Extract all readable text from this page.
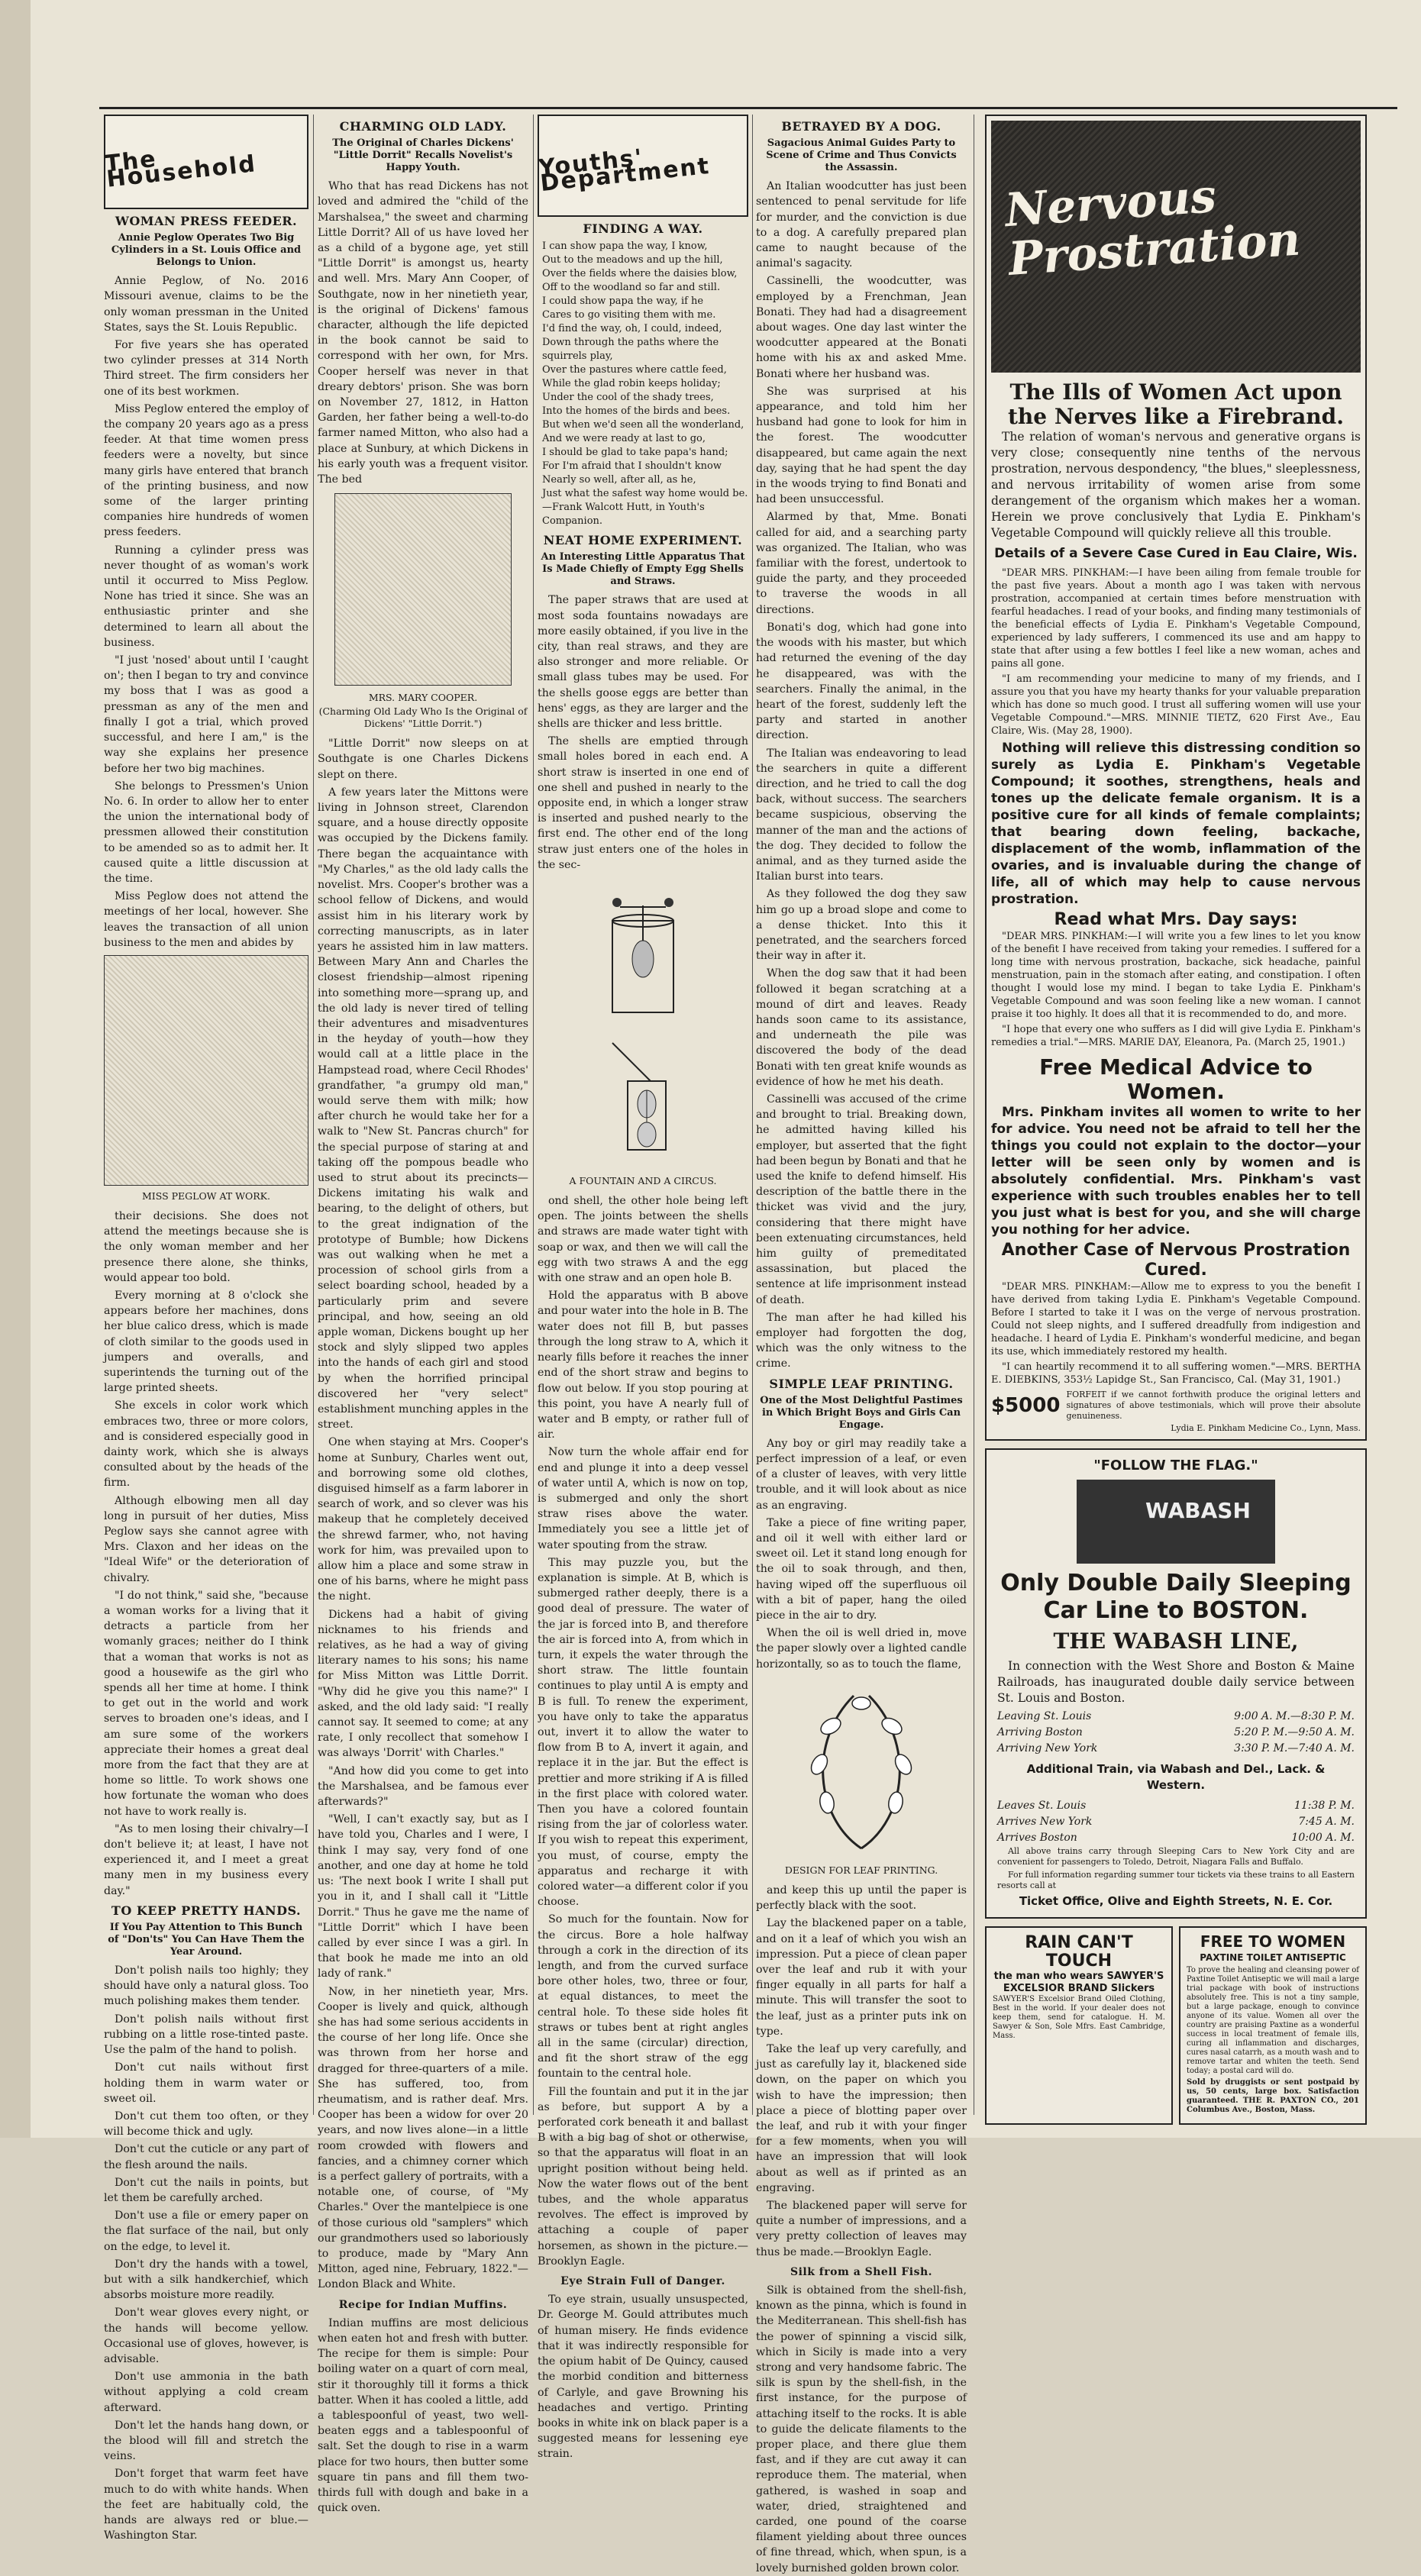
The Household
WOMAN PRESS FEEDER.
Annie Peglow Operates Two Big Cylinders in a St. Louis Office and Belongs to Union.

Annie Peglow, of No. 2016 Missouri avenue, claims to be the only woman pressman in the United States, says the St. Louis Republic.

For five years she has operated two cylinder presses at 314 North Third street. The firm considers her one of its best workmen.

Miss Peglow entered the employ of the company 20 years ago as a press feeder. At that time women press feeders were a novelty, but since many girls have entered that branch of the printing business, and now some of the larger printing companies hire hundreds of women press feeders.

Running a cylinder press was never thought of as woman's work until it occurred to Miss Peglow. None has tried it since. She was an enthusiastic printer and she determined to learn all about the business.

"I just 'nosed' about until I 'caught on'; then I began to try and convince my boss that I was as good a pressman as any of the men and finally I got a trial, which proved successful, and here I am," is the way she explains her presence before her two big machines.

She belongs to Pressmen's Union No. 6. In order to allow her to enter the union the international body of pressmen allowed their constitution to be amended so as to admit her. It caused quite a little discussion at the time.

Miss Peglow does not attend the meetings of her local, however. She leaves the transaction of all union business to the men and abides by

MISS PEGLOW AT WORK.

their decisions. She does not attend the meetings because she is the only woman member and her presence there alone, she thinks, would appear too bold.

Every morning at 8 o'clock she appears before her machines, dons her blue calico dress, which is made of cloth similar to the goods used in jumpers and overalls, and superintends the turning out of the large printed sheets.

She excels in color work which embraces two, three or more colors, and is considered especially good in dainty work, which she is always consulted about by the heads of the firm.

Although elbowing men all day long in pursuit of her duties, Miss Peglow says she cannot agree with Mrs. Claxon and her ideas on the "Ideal Wife" or the deterioration of chivalry.

"I do not think," said she, "because a woman works for a living that it detracts a particle from her womanly graces; neither do I think that a woman that works is not as good a housewife as the girl who spends all her time at home. I think to get out in the world and work serves to broaden one's ideas, and I am sure some of the workers appreciate their homes a great deal more from the fact that they are at home so little. To work shows one how fortunate the woman who does not have to work really is.

"As to men losing their chivalry—I don't believe it; at least, I have not experienced it, and I meet a great many men in my business every day."

TO KEEP PRETTY HANDS.
If You Pay Attention to This Bunch of "Don'ts" You Can Have Them the Year Around.

Don't polish nails too highly; they should have only a natural gloss. Too much polishing makes them tender.

Don't polish nails without first rubbing on a little rose-tinted paste. Use the palm of the hand to polish.

Don't cut nails without first holding them in warm water or sweet oil.

Don't cut them too often, or they will become thick and ugly.

Don't cut the cuticle or any part of the flesh around the nails.

Don't cut the nails in points, but let them be carefully arched.

Don't use a file or emery paper on the flat surface of the nail, but only on the edge, to level it.

Don't dry the hands with a towel, but with a silk handkerchief, which absorbs moisture more readily.

Don't wear gloves every night, or the hands will become yellow. Occasional use of gloves, however, is advisable.

Don't use ammonia in the bath without applying a cold cream afterward.

Don't let the hands hang down, or the blood will fill and stretch the veins.

Don't forget that warm feet have much to do with white hands. When the feet are habitually cold, the hands are always red or blue.—Washington Star.

CHARMING OLD LADY.
The Original of Charles Dickens' "Little Dorrit" Recalls Novelist's Happy Youth.

Who that has read Dickens has not loved and admired the "child of the Marshalsea," the sweet and charming Little Dorrit? All of us have loved her as a child of a bygone age, yet still "Little Dorrit" is amongst us, hearty and well. Mrs. Mary Ann Cooper, of Southgate, now in her ninetieth year, is the original of Dickens' famous character, although the life depicted in the book cannot be said to correspond with her own, for Mrs. Cooper herself was never in that dreary debtors' prison. She was born on November 27, 1812, in Hatton Garden, her father being a well-to-do farmer named Mitton, who also had a place at Sunbury, at which Dickens in his early youth was a frequent visitor. The bed

MRS. MARY COOPER.
(Charming Old Lady Who Is the Original of Dickens' "Little Dorrit.")

"Little Dorrit" now sleeps on at Southgate is one Charles Dickens slept on there.

A few years later the Mittons were living in Johnson street, Clarendon square, and a house directly opposite was occupied by the Dickens family. There began the acquaintance with "My Charles," as the old lady calls the novelist. Mrs. Cooper's brother was a school fellow of Dickens, and would assist him in his literary work by correcting manuscripts, as in later years he assisted him in law matters. Between Mary Ann and Charles the closest friendship—almost ripening into something more—sprang up, and the old lady is never tired of telling their adventures and misadventures in the heyday of youth—how they would call at a little place in the Hampstead road, where Cecil Rhodes' grandfather, "a grumpy old man," would serve them with milk; how after church he would take her for a walk to "New St. Pancras church" for the special purpose of staring at and taking off the pompous beadle who used to strut about its precincts—Dickens imitating his walk and bearing, to the delight of others, but to the great indignation of the prototype of Bumble; how Dickens was out walking when he met a procession of school girls from a select boarding school, headed by a particularly prim and severe principal, and how, seeing an old apple woman, Dickens bought up her stock and slyly slipped two apples into the hands of each girl and stood by when the horrified principal discovered her "very select" establishment munching apples in the street.

One when staying at Mrs. Cooper's home at Sunbury, Charles went out, and borrowing some old clothes, disguised himself as a farm laborer in search of work, and so clever was his makeup that he completely deceived the shrewd farmer, who, not having work for him, was prevailed upon to allow him a place and some straw in one of his barns, where he might pass the night.

Dickens had a habit of giving nicknames to his friends and relatives, as he had a way of giving literary names to his sons; his name for Miss Mitton was Little Dorrit. "Why did he give you this name?" I asked, and the old lady said: "I really cannot say. It seemed to come; at any rate, I only recollect that somehow I was always 'Dorrit' with Charles."

"And how did you come to get into the Marshalsea, and be famous ever afterwards?"

"Well, I can't exactly say, but as I have told you, Charles and I were, I think I may say, very fond of one another, and one day at home he told us: 'The next book I write I shall put you in it, and I shall call it "Little Dorrit." Thus he gave me the name of "Little Dorrit" which I have been called by ever since I was a girl. In that book he made me into an old lady of rank."

Now, in her ninetieth year, Mrs. Cooper is lively and quick, although she has had some serious accidents in the course of her long life. Once she was thrown from her horse and dragged for three-quarters of a mile. She has suffered, too, from rheumatism, and is rather deaf. Mrs. Cooper has been a widow for over 20 years, and now lives alone—in a little room crowded with flowers and fancies, and a chimney corner which is a perfect gallery of portraits, with a notable one, of course, of "My Charles." Over the mantelpiece is one of those curious old "samplers" which our grandmothers used so laboriously to produce, made by "Mary Ann Mitton, aged nine, February, 1822."—London Black and White.

Recipe for Indian Muffins.

Indian muffins are most delicious when eaten hot and fresh with butter. The recipe for them is simple: Pour boiling water on a quart of corn meal, stir it thoroughly till it forms a thick batter. When it has cooled a little, add a tablespoonful of yeast, two well-beaten eggs and a tablespoonful of salt. Set the dough to rise in a warm place for two hours, then butter some square tin pans and fill them two-thirds full with dough and bake in a quick oven.

Youths' Department
FINDING A WAY.
I can show papa the way, I know,
Out to the meadows and up the hill,
Over the fields where the daisies blow,
Off to the woodland so far and still.
I could show papa the way, if he
Cares to go visiting them with me.
I'd find the way, oh, I could, indeed,
Down through the paths where the squirrels play,
Over the pastures where cattle feed,
While the glad robin keeps holiday;
Under the cool of the shady trees,
Into the homes of the birds and bees.
But when we'd seen all the wonderland,
And we were ready at last to go,
I should be glad to take papa's hand;
For I'm afraid that I shouldn't know
Nearly so well, after all, as he,
Just what the safest way home would be.
—Frank Walcott Hutt, in Youth's Companion.
NEAT HOME EXPERIMENT.
An Interesting Little Apparatus That Is Made Chiefly of Empty Egg Shells and Straws.

The paper straws that are used at most soda fountains nowadays are more easily obtained, if you live in the city, than real straws, and they are also stronger and more reliable. Or small glass tubes may be used. For the shells goose eggs are better than hens' eggs, as they are larger and the shells are thicker and less brittle.

The shells are emptied through small holes bored in each end. A short straw is inserted in one end of one shell and pushed in nearly to the opposite end, in which a longer straw is inserted and pushed nearly to the first end. The other end of the long straw just enters one of the holes in the sec-

A FOUNTAIN AND A CIRCUS.

ond shell, the other hole being left open. The joints between the shells and straws are made water tight with soap or wax, and then we will call the egg with two straws A and the egg with one straw and an open hole B.

Hold the apparatus with B above and pour water into the hole in B. The water does not fill B, but passes through the long straw to A, which it nearly fills before it reaches the inner end of the short straw and begins to flow out below. If you stop pouring at this point, you have A nearly full of water and B empty, or rather full of air.

Now turn the whole affair end for end and plunge it into a deep vessel of water until A, which is now on top, is submerged and only the short straw rises above the water. Immediately you see a little jet of water spouting from the straw.

This may puzzle you, but the explanation is simple. At B, which is submerged rather deeply, there is a good deal of pressure. The water of the jar is forced into B, and therefore the air is forced into A, from which in turn, it expels the water through the short straw. The little fountain continues to play until A is empty and B is full. To renew the experiment, you have only to take the apparatus out, invert it to allow the water to flow from B to A, invert it again, and replace it in the jar. But the effect is prettier and more striking if A is filled in the first place with colored water. Then you have a colored fountain rising from the jar of colorless water. If you wish to repeat this experiment, you must, of course, empty the apparatus and recharge it with colored water—a different color if you choose.

So much for the fountain. Now for the circus. Bore a hole halfway through a cork in the direction of its length, and from the curved surface bore other holes, two, three or four, at equal distances, to meet the central hole. To these side holes fit straws or tubes bent at right angles all in the same (circular) direction, and fit the short straw of the egg fountain to the central hole.

Fill the fountain and put it in the jar as before, but support A by a perforated cork beneath it and ballast B with a big bag of shot or otherwise, so that the apparatus will float in an upright position without being held. Now the water flows out of the bent tubes, and the whole apparatus revolves. The effect is improved by attaching a couple of paper horsemen, as shown in the picture.—Brooklyn Eagle.

Eye Strain Full of Danger.

To eye strain, usually unsuspected, Dr. George M. Gould attributes much of human misery. He finds evidence that it was indirectly responsible for the opium habit of De Quincy, caused the morbid condition and bitterness of Carlyle, and gave Browning his headaches and vertigo. Printing books in white ink on black paper is a suggested means for lessening eye strain.

BETRAYED BY A DOG.
Sagacious Animal Guides Party to Scene of Crime and Thus Convicts the Assassin.

An Italian woodcutter has just been sentenced to penal servitude for life for murder, and the conviction is due to a dog. A carefully prepared plan came to naught because of the animal's sagacity.

Cassinelli, the woodcutter, was employed by a Frenchman, Jean Bonati. They had had a disagreement about wages. One day last winter the woodcutter appeared at the Bonati home with his ax and asked Mme. Bonati where her husband was.

She was surprised at his appearance, and told him her husband had gone to look for him in the forest. The woodcutter disappeared, but came again the next day, saying that he had spent the day in the woods trying to find Bonati and had been unsuccessful.

Alarmed by that, Mme. Bonati called for aid, and a searching party was organized. The Italian, who was familiar with the forest, undertook to guide the party, and they proceeded to traverse the woods in all directions.

Bonati's dog, which had gone into the woods with his master, but which had returned the evening of the day he disappeared, was with the searchers. Finally the animal, in the heart of the forest, suddenly left the party and started in another direction.

The Italian was endeavoring to lead the searchers in quite a different direction, and he tried to call the dog back, without success. The searchers became suspicious, observing the manner of the man and the actions of the dog. They decided to follow the animal, and as they turned aside the Italian burst into tears.

As they followed the dog they saw him go up a broad slope and come to a dense thicket. Into this it penetrated, and the searchers forced their way in after it.

When the dog saw that it had been followed it began scratching at a mound of dirt and leaves. Ready hands soon came to its assistance, and underneath the pile was discovered the body of the dead Bonati with ten great knife wounds as evidence of how he met his death.

Cassinelli was accused of the crime and brought to trial. Breaking down, he admitted having killed his employer, but asserted that the fight had been begun by Bonati and that he used the knife to defend himself. His description of the battle there in the thicket was vivid and the jury, considering that there might have been extenuating circumstances, held him guilty of premeditated assassination, but placed the sentence at life imprisonment instead of death.

The man after he had killed his employer had forgotten the dog, which was the only witness to the crime.

SIMPLE LEAF PRINTING.
One of the Most Delightful Pastimes in Which Bright Boys and Girls Can Engage.

Any boy or girl may readily take a perfect impression of a leaf, or even of a cluster of leaves, with very little trouble, and it will look about as nice as an engraving.

Take a piece of fine writing paper, and oil it well with either lard or sweet oil. Let it stand long enough for the oil to soak through, and then, having wiped off the superfluous oil with a bit of paper, hang the oiled piece in the air to dry.

When the oil is well dried in, move the paper slowly over a lighted candle horizontally, so as to touch the flame,

DESIGN FOR LEAF PRINTING.

and keep this up until the paper is perfectly black with the soot.

Lay the blackened paper on a table, and on it a leaf of which you wish an impression. Put a piece of clean paper over the leaf and rub it with your finger equally in all parts for half a minute. This will transfer the soot to the leaf, just as a printer puts ink on type.

Take the leaf up very carefully, and just as carefully lay it, blackened side down, on the paper on which you wish to have the impression; then place a piece of blotting paper over the leaf, and rub it with your finger for a few moments, when you will have an impression that will look about as well as if printed as an engraving.

The blackened paper will serve for quite a number of impressions, and a very pretty collection of leaves may thus be made.—Brooklyn Eagle.

Silk from a Shell Fish.

Silk is obtained from the shell-fish, known as the pinna, which is found in the Mediterranean. This shell-fish has the power of spinning a viscid silk, which in Sicily is made into a very strong and very handsome fabric. The silk is spun by the shell-fish, in the first instance, for the purpose of attaching itself to the rocks. It is able to guide the delicate filaments to the proper place, and there glue them fast, and if they are cut away it can reproduce them. The material, when gathered, is washed in soap and water, dried, straightened and carded, one pound of the coarse filament yielding about three ounces of fine thread, which, when spun, is a lovely burnished golden brown color.

Nervous Prostration
The Ills of Women Act upon the Nerves like a Firebrand.

The relation of woman's nervous and generative organs is very close; consequently nine tenths of the nervous prostration, nervous despondency, "the blues," sleeplessness, and nervous irritability of women arise from some derangement of the organism which makes her a woman. Herein we prove conclusively that Lydia E. Pinkham's Vegetable Compound will quickly relieve all this trouble.

Details of a Severe Case Cured in Eau Claire, Wis.

"DEAR MRS. PINKHAM:—I have been ailing from female trouble for the past five years. About a month ago I was taken with nervous prostration, accompanied at certain times before menstruation with fearful headaches. I read of your books, and finding many testimonials of the beneficial effects of Lydia E. Pinkham's Vegetable Compound, experienced by lady sufferers, I commenced its use and am happy to state that after using a few bottles I feel like a new woman, aches and pains all gone.

"I am recommending your medicine to many of my friends, and I assure you that you have my hearty thanks for your valuable preparation which has done so much good. I trust all suffering women will use your Vegetable Compound."—MRS. MINNIE TIETZ, 620 First Ave., Eau Claire, Wis. (May 28, 1900).

Nothing will relieve this distressing condition so surely as Lydia E. Pinkham's Vegetable Compound; it soothes, strengthens, heals and tones up the delicate female organism. It is a positive cure for all kinds of female complaints; that bearing down feeling, backache, displacement of the womb, inflammation of the ovaries, and is invaluable during the change of life, all of which may help to cause nervous prostration.

Read what Mrs. Day says:

"DEAR MRS. PINKHAM:—I will write you a few lines to let you know of the benefit I have received from taking your remedies. I suffered for a long time with nervous prostration, backache, sick headache, painful menstruation, pain in the stomach after eating, and constipation. I often thought I would lose my mind. I began to take Lydia E. Pinkham's Vegetable Compound and was soon feeling like a new woman. I cannot praise it too highly. It does all that it is recommended to do, and more.

"I hope that every one who suffers as I did will give Lydia E. Pinkham's remedies a trial."—MRS. MARIE DAY, Eleanora, Pa. (March 25, 1901.)

Free Medical Advice to Women.

Mrs. Pinkham invites all women to write to her for advice. You need not be afraid to tell her the things you could not explain to the doctor—your letter will be seen only by women and is absolutely confidential. Mrs. Pinkham's vast experience with such troubles enables her to tell you just what is best for you, and she will charge you nothing for her advice.

Another Case of Nervous Prostration Cured.

"DEAR MRS. PINKHAM:—Allow me to express to you the benefit I have derived from taking Lydia E. Pinkham's Vegetable Compound. Before I started to take it I was on the verge of nervous prostration. Could not sleep nights, and I suffered dreadfully from indigestion and headache. I heard of Lydia E. Pinkham's wonderful medicine, and began its use, which immediately restored my health.

"I can heartily recommend it to all suffering women."—MRS. BERTHA E. DIEBKINS, 353½ Lapidge St., San Francisco, Cal. (May 31, 1901.)

$5000 FORFEIT if we cannot forthwith produce the original letters and signatures of above testimonials, which will prove their absolute genuineness.
Lydia E. Pinkham Medicine Co., Lynn, Mass.
"FOLLOW THE FLAG."
WABASH
Only Double Daily Sleeping Car Line to BOSTON.
THE WABASH LINE,

In connection with the West Shore and Boston & Maine Railroads, has inaugurated double daily service between St. Louis and Boston.

Leaving St. Louis	9:00 A. M.—8:30 P. M.
Arriving Boston	5:20 P. M.—9:50 A. M.
Arriving New York	3:30 P. M.—7:40 A. M.
Additional Train, via Wabash and Del., Lack. & Western.
Leaves St. Louis	11:38 P. M.
Arrives New York	7:45 A. M.
Arrives Boston	10:00 A. M.

All above trains carry through Sleeping Cars to New York City and are convenient for passengers to Toledo, Detroit, Niagara Falls and Buffalo.

For full information regarding summer tour tickets via these trains to all Eastern resorts call at

Ticket Office, Olive and Eighth Streets, N. E. Cor.
RAIN CAN'T TOUCH
the man who wears SAWYER'S EXCELSIOR BRAND Slickers

SAWYER'S Excelsior Brand Oiled Clothing, Best in the world. If your dealer does not keep them, send for catalogue. H. M. Sawyer & Son, Sole Mfrs. East Cambridge, Mass.

FREE TO WOMEN
PAXTINE TOILET ANTISEPTIC

To prove the healing and cleansing power of Paxtine Toilet Antiseptic we will mail a large trial package with book of instructions absolutely free. This is not a tiny sample, but a large package, enough to convince anyone of its value. Women all over the country are praising Paxtine as a wonderful success in local treatment of female ills, curing all inflammation and discharges, cures nasal catarrh, as a mouth wash and to remove tartar and whiten the teeth. Send today; a postal card will do.

Sold by druggists or sent postpaid by us, 50 cents, large box. Satisfaction guaranteed. THE R. PAXTON CO., 201 Columbus Ave., Boston, Mass.
